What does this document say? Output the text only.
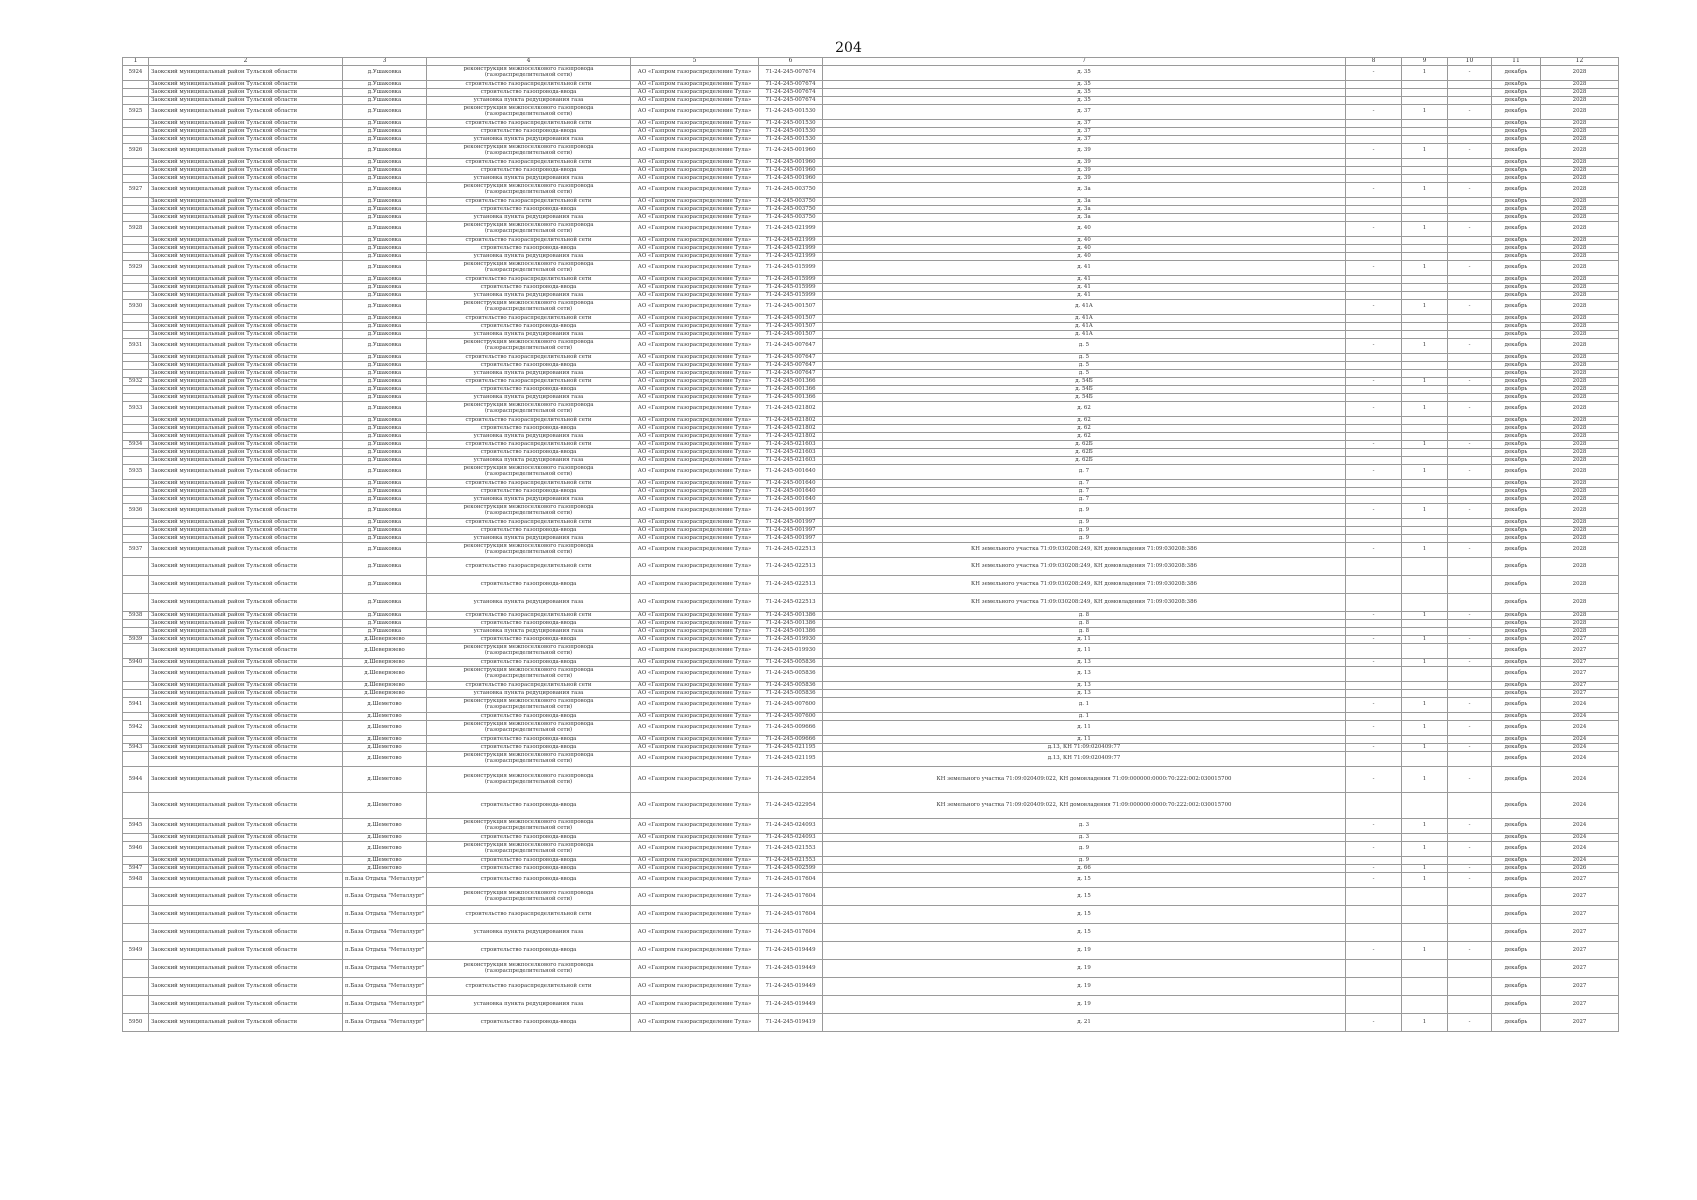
204
1	2	3	4	5	6	7	8	9	10	11	12
5924	Заокский муниципальный район Тульской области	д.Ушаковка	реконструкция межпоселкового газопровода (газораспределительной сети)	АО «Газпром газораспределение Тула»	71-24-245-007674	д. 35	-	1	-	декабрь	2028
	Заокский муниципальный район Тульской области	д.Ушаковка	строительство газораспределительной сети	АО «Газпром газораспределение Тула»	71-24-245-007674	д. 35				декабрь	2028
	Заокский муниципальный район Тульской области	д.Ушаковка	строительство газопровода-ввода	АО «Газпром газораспределение Тула»	71-24-245-007674	д. 35				декабрь	2028
	Заокский муниципальный район Тульской области	д.Ушаковка	установка пункта редуцирования газа	АО «Газпром газораспределение Тула»	71-24-245-007674	д. 35				декабрь	2028
5925	Заокский муниципальный район Тульской области	д.Ушаковка	реконструкция межпоселкового газопровода (газораспределительной сети)	АО «Газпром газораспределение Тула»	71-24-245-001530	д. 37	-	1	-	декабрь	2028
	Заокский муниципальный район Тульской области	д.Ушаковка	строительство газораспределительной сети	АО «Газпром газораспределение Тула»	71-24-245-001530	д. 37				декабрь	2028
	Заокский муниципальный район Тульской области	д.Ушаковка	строительство газопровода-ввода	АО «Газпром газораспределение Тула»	71-24-245-001530	д. 37				декабрь	2028
	Заокский муниципальный район Тульской области	д.Ушаковка	установка пункта редуцирования газа	АО «Газпром газораспределение Тула»	71-24-245-001530	д. 37				декабрь	2028
5926	Заокский муниципальный район Тульской области	д.Ушаковка	реконструкция межпоселкового газопровода (газораспределительной сети)	АО «Газпром газораспределение Тула»	71-24-245-001960	д. 39	-	1	-	декабрь	2028
	Заокский муниципальный район Тульской области	д.Ушаковка	строительство газораспределительной сети	АО «Газпром газораспределение Тула»	71-24-245-001960	д. 39				декабрь	2028
	Заокский муниципальный район Тульской области	д.Ушаковка	строительство газопровода-ввода	АО «Газпром газораспределение Тула»	71-24-245-001960	д. 39				декабрь	2028
	Заокский муниципальный район Тульской области	д.Ушаковка	установка пункта редуцирования газа	АО «Газпром газораспределение Тула»	71-24-245-001960	д. 39				декабрь	2028
5927	Заокский муниципальный район Тульской области	д.Ушаковка	реконструкция межпоселкового газопровода (газораспределительной сети)	АО «Газпром газораспределение Тула»	71-24-245-003750	д. 3а	-	1	-	декабрь	2028
	Заокский муниципальный район Тульской области	д.Ушаковка	строительство газораспределительной сети	АО «Газпром газораспределение Тула»	71-24-245-003750	д. 3а				декабрь	2028
	Заокский муниципальный район Тульской области	д.Ушаковка	строительство газопровода-ввода	АО «Газпром газораспределение Тула»	71-24-245-003750	д. 3а				декабрь	2028
	Заокский муниципальный район Тульской области	д.Ушаковка	установка пункта редуцирования газа	АО «Газпром газораспределение Тула»	71-24-245-003750	д. 3а				декабрь	2028
5928	Заокский муниципальный район Тульской области	д.Ушаковка	реконструкция межпоселкового газопровода (газораспределительной сети)	АО «Газпром газораспределение Тула»	71-24-245-021999	д. 40	-	1	-	декабрь	2028
	Заокский муниципальный район Тульской области	д.Ушаковка	строительство газораспределительной сети	АО «Газпром газораспределение Тула»	71-24-245-021999	д. 40				декабрь	2028
	Заокский муниципальный район Тульской области	д.Ушаковка	строительство газопровода-ввода	АО «Газпром газораспределение Тула»	71-24-245-021999	д. 40				декабрь	2028
	Заокский муниципальный район Тульской области	д.Ушаковка	установка пункта редуцирования газа	АО «Газпром газораспределение Тула»	71-24-245-021999	д. 40				декабрь	2028
5929	Заокский муниципальный район Тульской области	д.Ушаковка	реконструкция межпоселкового газопровода (газораспределительной сети)	АО «Газпром газораспределение Тула»	71-24-245-015999	д. 41	-	1	-	декабрь	2028
	Заокский муниципальный район Тульской области	д.Ушаковка	строительство газораспределительной сети	АО «Газпром газораспределение Тула»	71-24-245-015999	д. 41				декабрь	2028
	Заокский муниципальный район Тульской области	д.Ушаковка	строительство газопровода-ввода	АО «Газпром газораспределение Тула»	71-24-245-015999	д. 41				декабрь	2028
	Заокский муниципальный район Тульской области	д.Ушаковка	установка пункта редуцирования газа	АО «Газпром газораспределение Тула»	71-24-245-015999	д. 41				декабрь	2028
5930	Заокский муниципальный район Тульской области	д.Ушаковка	реконструкция межпоселкового газопровода (газораспределительной сети)	АО «Газпром газораспределение Тула»	71-24-245-001507	д. 41А	-	1	-	декабрь	2028
	Заокский муниципальный район Тульской области	д.Ушаковка	строительство газораспределительной сети	АО «Газпром газораспределение Тула»	71-24-245-001507	д. 41А				декабрь	2028
	Заокский муниципальный район Тульской области	д.Ушаковка	строительство газопровода-ввода	АО «Газпром газораспределение Тула»	71-24-245-001507	д. 41А				декабрь	2028
	Заокский муниципальный район Тульской области	д.Ушаковка	установка пункта редуцирования газа	АО «Газпром газораспределение Тула»	71-24-245-001507	д. 41А				декабрь	2028
5931	Заокский муниципальный район Тульской области	д.Ушаковка	реконструкция межпоселкового газопровода (газораспределительной сети)	АО «Газпром газораспределение Тула»	71-24-245-007647	д. 5	-	1	-	декабрь	2028
	Заокский муниципальный район Тульской области	д.Ушаковка	строительство газораспределительной сети	АО «Газпром газораспределение Тула»	71-24-245-007647	д. 5				декабрь	2028
	Заокский муниципальный район Тульской области	д.Ушаковка	строительство газопровода-ввода	АО «Газпром газораспределение Тула»	71-24-245-007647	д. 5				декабрь	2028
	Заокский муниципальный район Тульской области	д.Ушаковка	установка пункта редуцирования газа	АО «Газпром газораспределение Тула»	71-24-245-007647	д. 5				декабрь	2028
5932	Заокский муниципальный район Тульской области	д.Ушаковка	строительство газораспределительной сети	АО «Газпром газораспределение Тула»	71-24-245-001366	д. 54Б	-	1	-	декабрь	2028
	Заокский муниципальный район Тульской области	д.Ушаковка	строительство газопровода-ввода	АО «Газпром газораспределение Тула»	71-24-245-001366	д. 54Б				декабрь	2028
	Заокский муниципальный район Тульской области	д.Ушаковка	установка пункта редуцирования газа	АО «Газпром газораспределение Тула»	71-24-245-001366	д. 54Б				декабрь	2028
5933	Заокский муниципальный район Тульской области	д.Ушаковка	реконструкция межпоселкового газопровода (газораспределительной сети)	АО «Газпром газораспределение Тула»	71-24-245-021802	д. 62	-	1	-	декабрь	2028
	Заокский муниципальный район Тульской области	д.Ушаковка	строительство газораспределительной сети	АО «Газпром газораспределение Тула»	71-24-245-021802	д. 62				декабрь	2028
	Заокский муниципальный район Тульской области	д.Ушаковка	строительство газопровода-ввода	АО «Газпром газораспределение Тула»	71-24-245-021802	д. 62				декабрь	2028
	Заокский муниципальный район Тульской области	д.Ушаковка	установка пункта редуцирования газа	АО «Газпром газораспределение Тула»	71-24-245-021802	д. 62				декабрь	2028
5934	Заокский муниципальный район Тульской области	д.Ушаковка	строительство газораспределительной сети	АО «Газпром газораспределение Тула»	71-24-245-021603	д. 62Б	-	1	-	декабрь	2028
	Заокский муниципальный район Тульской области	д.Ушаковка	строительство газопровода-ввода	АО «Газпром газораспределение Тула»	71-24-245-021603	д. 62Б				декабрь	2028
	Заокский муниципальный район Тульской области	д.Ушаковка	установка пункта редуцирования газа	АО «Газпром газораспределение Тула»	71-24-245-021603	д. 62Б				декабрь	2028
5935	Заокский муниципальный район Тульской области	д.Ушаковка	реконструкция межпоселкового газопровода (газораспределительной сети)	АО «Газпром газораспределение Тула»	71-24-245-001640	д. 7	-	1	-	декабрь	2028
	Заокский муниципальный район Тульской области	д.Ушаковка	строительство газораспределительной сети	АО «Газпром газораспределение Тула»	71-24-245-001640	д. 7				декабрь	2028
	Заокский муниципальный район Тульской области	д.Ушаковка	строительство газопровода-ввода	АО «Газпром газораспределение Тула»	71-24-245-001640	д. 7				декабрь	2028
	Заокский муниципальный район Тульской области	д.Ушаковка	установка пункта редуцирования газа	АО «Газпром газораспределение Тула»	71-24-245-001640	д. 7				декабрь	2028
5936	Заокский муниципальный район Тульской области	д.Ушаковка	реконструкция межпоселкового газопровода (газораспределительной сети)	АО «Газпром газораспределение Тула»	71-24-245-001997	д. 9	-	1	-	декабрь	2028
	Заокский муниципальный район Тульской области	д.Ушаковка	строительство газораспределительной сети	АО «Газпром газораспределение Тула»	71-24-245-001997	д. 9				декабрь	2028
	Заокский муниципальный район Тульской области	д.Ушаковка	строительство газопровода-ввода	АО «Газпром газораспределение Тула»	71-24-245-001997	д. 9				декабрь	2028
	Заокский муниципальный район Тульской области	д.Ушаковка	установка пункта редуцирования газа	АО «Газпром газораспределение Тула»	71-24-245-001997	д. 9				декабрь	2028
5937	Заокский муниципальный район Тульской области	д.Ушаковка	реконструкция межпоселкового газопровода (газораспределительной сети)	АО «Газпром газораспределение Тула»	71-24-245-022513	КН земельного участка 71:09:030208:249, КН домовладения 71:09:030208:386	-	1	-	декабрь	2028
	Заокский муниципальный район Тульской области	д.Ушаковка	строительство газораспределительной сети	АО «Газпром газораспределение Тула»	71-24-245-022513	КН земельного участка 71:09:030208:249, КН домовладения 71:09:030208:386				декабрь	2028
	Заокский муниципальный район Тульской области	д.Ушаковка	строительство газопровода-ввода	АО «Газпром газораспределение Тула»	71-24-245-022513	КН земельного участка 71:09:030208:249, КН домовладения 71:09:030208:386				декабрь	2028
	Заокский муниципальный район Тульской области	д.Ушаковка	установка пункта редуцирования газа	АО «Газпром газораспределение Тула»	71-24-245-022513	КН земельного участка 71:09:030208:249, КН домовладения 71:09:030208:386				декабрь	2028
5938	Заокский муниципальный район Тульской области	д.Ушаковка	строительство газораспределительной сети	АО «Газпром газораспределение Тула»	71-24-245-001386	д. 8	-	1	-	декабрь	2028
	Заокский муниципальный район Тульской области	д.Ушаковка	строительство газопровода-ввода	АО «Газпром газораспределение Тула»	71-24-245-001386	д. 8				декабрь	2028
	Заокский муниципальный район Тульской области	д.Ушаковка	установка пункта редуцирования газа	АО «Газпром газораспределение Тула»	71-24-245-001386	д. 8				декабрь	2028
5939	Заокский муниципальный район Тульской области	д.Шеверняево	строительство газопровода-ввода	АО «Газпром газораспределение Тула»	71-24-245-019930	д. 11	-	1	-	декабрь	2027
	Заокский муниципальный район Тульской области	д.Шеверняево	реконструкция межпоселкового газопровода (газораспределительной сети)	АО «Газпром газораспределение Тула»	71-24-245-019930	д. 11				декабрь	2027
5940	Заокский муниципальный район Тульской области	д.Шеверняево	строительство газопровода-ввода	АО «Газпром газораспределение Тула»	71-24-245-005836	д. 13	-	1	-	декабрь	2027
	Заокский муниципальный район Тульской области	д.Шеверняево	реконструкция межпоселкового газопровода (газораспределительной сети)	АО «Газпром газораспределение Тула»	71-24-245-005836	д. 13				декабрь	2027
	Заокский муниципальный район Тульской области	д.Шеверняево	строительство газораспределительной сети	АО «Газпром газораспределение Тула»	71-24-245-005836	д. 13				декабрь	2027
	Заокский муниципальный район Тульской области	д.Шеверняево	установка пункта редуцирования газа	АО «Газпром газораспределение Тула»	71-24-245-005836	д. 13				декабрь	2027
5941	Заокский муниципальный район Тульской области	д.Шеметово	реконструкция межпоселкового газопровода (газораспределительной сети)	АО «Газпром газораспределение Тула»	71-24-245-007600	д. 1	-	1	-	декабрь	2024
	Заокский муниципальный район Тульской области	д.Шеметово	строительство газопровода-ввода	АО «Газпром газораспределение Тула»	71-24-245-007600	д. 1				декабрь	2024
5942	Заокский муниципальный район Тульской области	д.Шеметово	реконструкция межпоселкового газопровода (газораспределительной сети)	АО «Газпром газораспределение Тула»	71-24-245-009666	д. 11	-	1	-	декабрь	2024
	Заокский муниципальный район Тульской области	д.Шеметово	строительство газопровода-ввода	АО «Газпром газораспределение Тула»	71-24-245-009666	д. 11				декабрь	2024
5943	Заокский муниципальный район Тульской области	д.Шеметово	строительство газопровода-ввода	АО «Газпром газораспределение Тула»	71-24-245-021195	д.13, КН 71:09:020409:77	-	1	-	декабрь	2024
	Заокский муниципальный район Тульской области	д.Шеметово	реконструкция межпоселкового газопровода (газораспределительной сети)	АО «Газпром газораспределение Тула»	71-24-245-021195	д.13, КН 71:09:020409:77				декабрь	2024
5944	Заокский муниципальный район Тульской области	д.Шеметово	реконструкция межпоселкового газопровода (газораспределительной сети)	АО «Газпром газораспределение Тула»	71-24-245-022954	КН земельного участка 71:09:020409:022, КН домовладения 71:09:000000:0000:70:222:002:030015700	-	1	-	декабрь	2024
	Заокский муниципальный район Тульской области	д.Шеметово	строительство газопровода-ввода	АО «Газпром газораспределение Тула»	71-24-245-022954	КН земельного участка 71:09:020409:022, КН домовладения 71:09:000000:0000:70:222:002:030015700				декабрь	2024
5945	Заокский муниципальный район Тульской области	д.Шеметово	реконструкция межпоселкового газопровода (газораспределительной сети)	АО «Газпром газораспределение Тула»	71-24-245-024093	д. 3	-	1	-	декабрь	2024
	Заокский муниципальный район Тульской области	д.Шеметово	строительство газопровода-ввода	АО «Газпром газораспределение Тула»	71-24-245-024093	д. 3				декабрь	2024
5946	Заокский муниципальный район Тульской области	д.Шеметово	реконструкция межпоселкового газопровода (газораспределительной сети)	АО «Газпром газораспределение Тула»	71-24-245-021553	д. 9	-	1	-	декабрь	2024
	Заокский муниципальный район Тульской области	д.Шеметово	строительство газопровода-ввода	АО «Газпром газораспределение Тула»	71-24-245-021553	д. 9				декабрь	2024
5947	Заокский муниципальный район Тульской области	д.Шеметово	строительство газопровода-ввода	АО «Газпром газораспределение Тула»	71-24-245-002599	д. 66	-	1	-	декабрь	2026
5948	Заокский муниципальный район Тульской области	п.База Отдыха "Металлург"	строительство газопровода-ввода	АО «Газпром газораспределение Тула»	71-24-245-017604	д. 15	-	1	-	декабрь	2027
	Заокский муниципальный район Тульской области	п.База Отдыха "Металлург"	реконструкция межпоселкового газопровода (газораспределительной сети)	АО «Газпром газораспределение Тула»	71-24-245-017604	д. 15				декабрь	2027
	Заокский муниципальный район Тульской области	п.База Отдыха "Металлург"	строительство газораспределительной сети	АО «Газпром газораспределение Тула»	71-24-245-017604	д. 15				декабрь	2027
	Заокский муниципальный район Тульской области	п.База Отдыха "Металлург"	установка пункта редуцирования газа	АО «Газпром газораспределение Тула»	71-24-245-017604	д. 15				декабрь	2027
5949	Заокский муниципальный район Тульской области	п.База Отдыха "Металлург"	строительство газопровода-ввода	АО «Газпром газораспределение Тула»	71-24-245-019449	д. 19	-	1	-	декабрь	2027
	Заокский муниципальный район Тульской области	п.База Отдыха "Металлург"	реконструкция межпоселкового газопровода (газораспределительной сети)	АО «Газпром газораспределение Тула»	71-24-245-019449	д. 19				декабрь	2027
	Заокский муниципальный район Тульской области	п.База Отдыха "Металлург"	строительство газораспределительной сети	АО «Газпром газораспределение Тула»	71-24-245-019449	д. 19				декабрь	2027
	Заокский муниципальный район Тульской области	п.База Отдыха "Металлург"	установка пункта редуцирования газа	АО «Газпром газораспределение Тула»	71-24-245-019449	д. 19				декабрь	2027
5950	Заокский муниципальный район Тульской области	п.База Отдыха "Металлург"	строительство газопровода-ввода	АО «Газпром газораспределение Тула»	71-24-245-019419	д. 21	-	1	-	декабрь	2027
